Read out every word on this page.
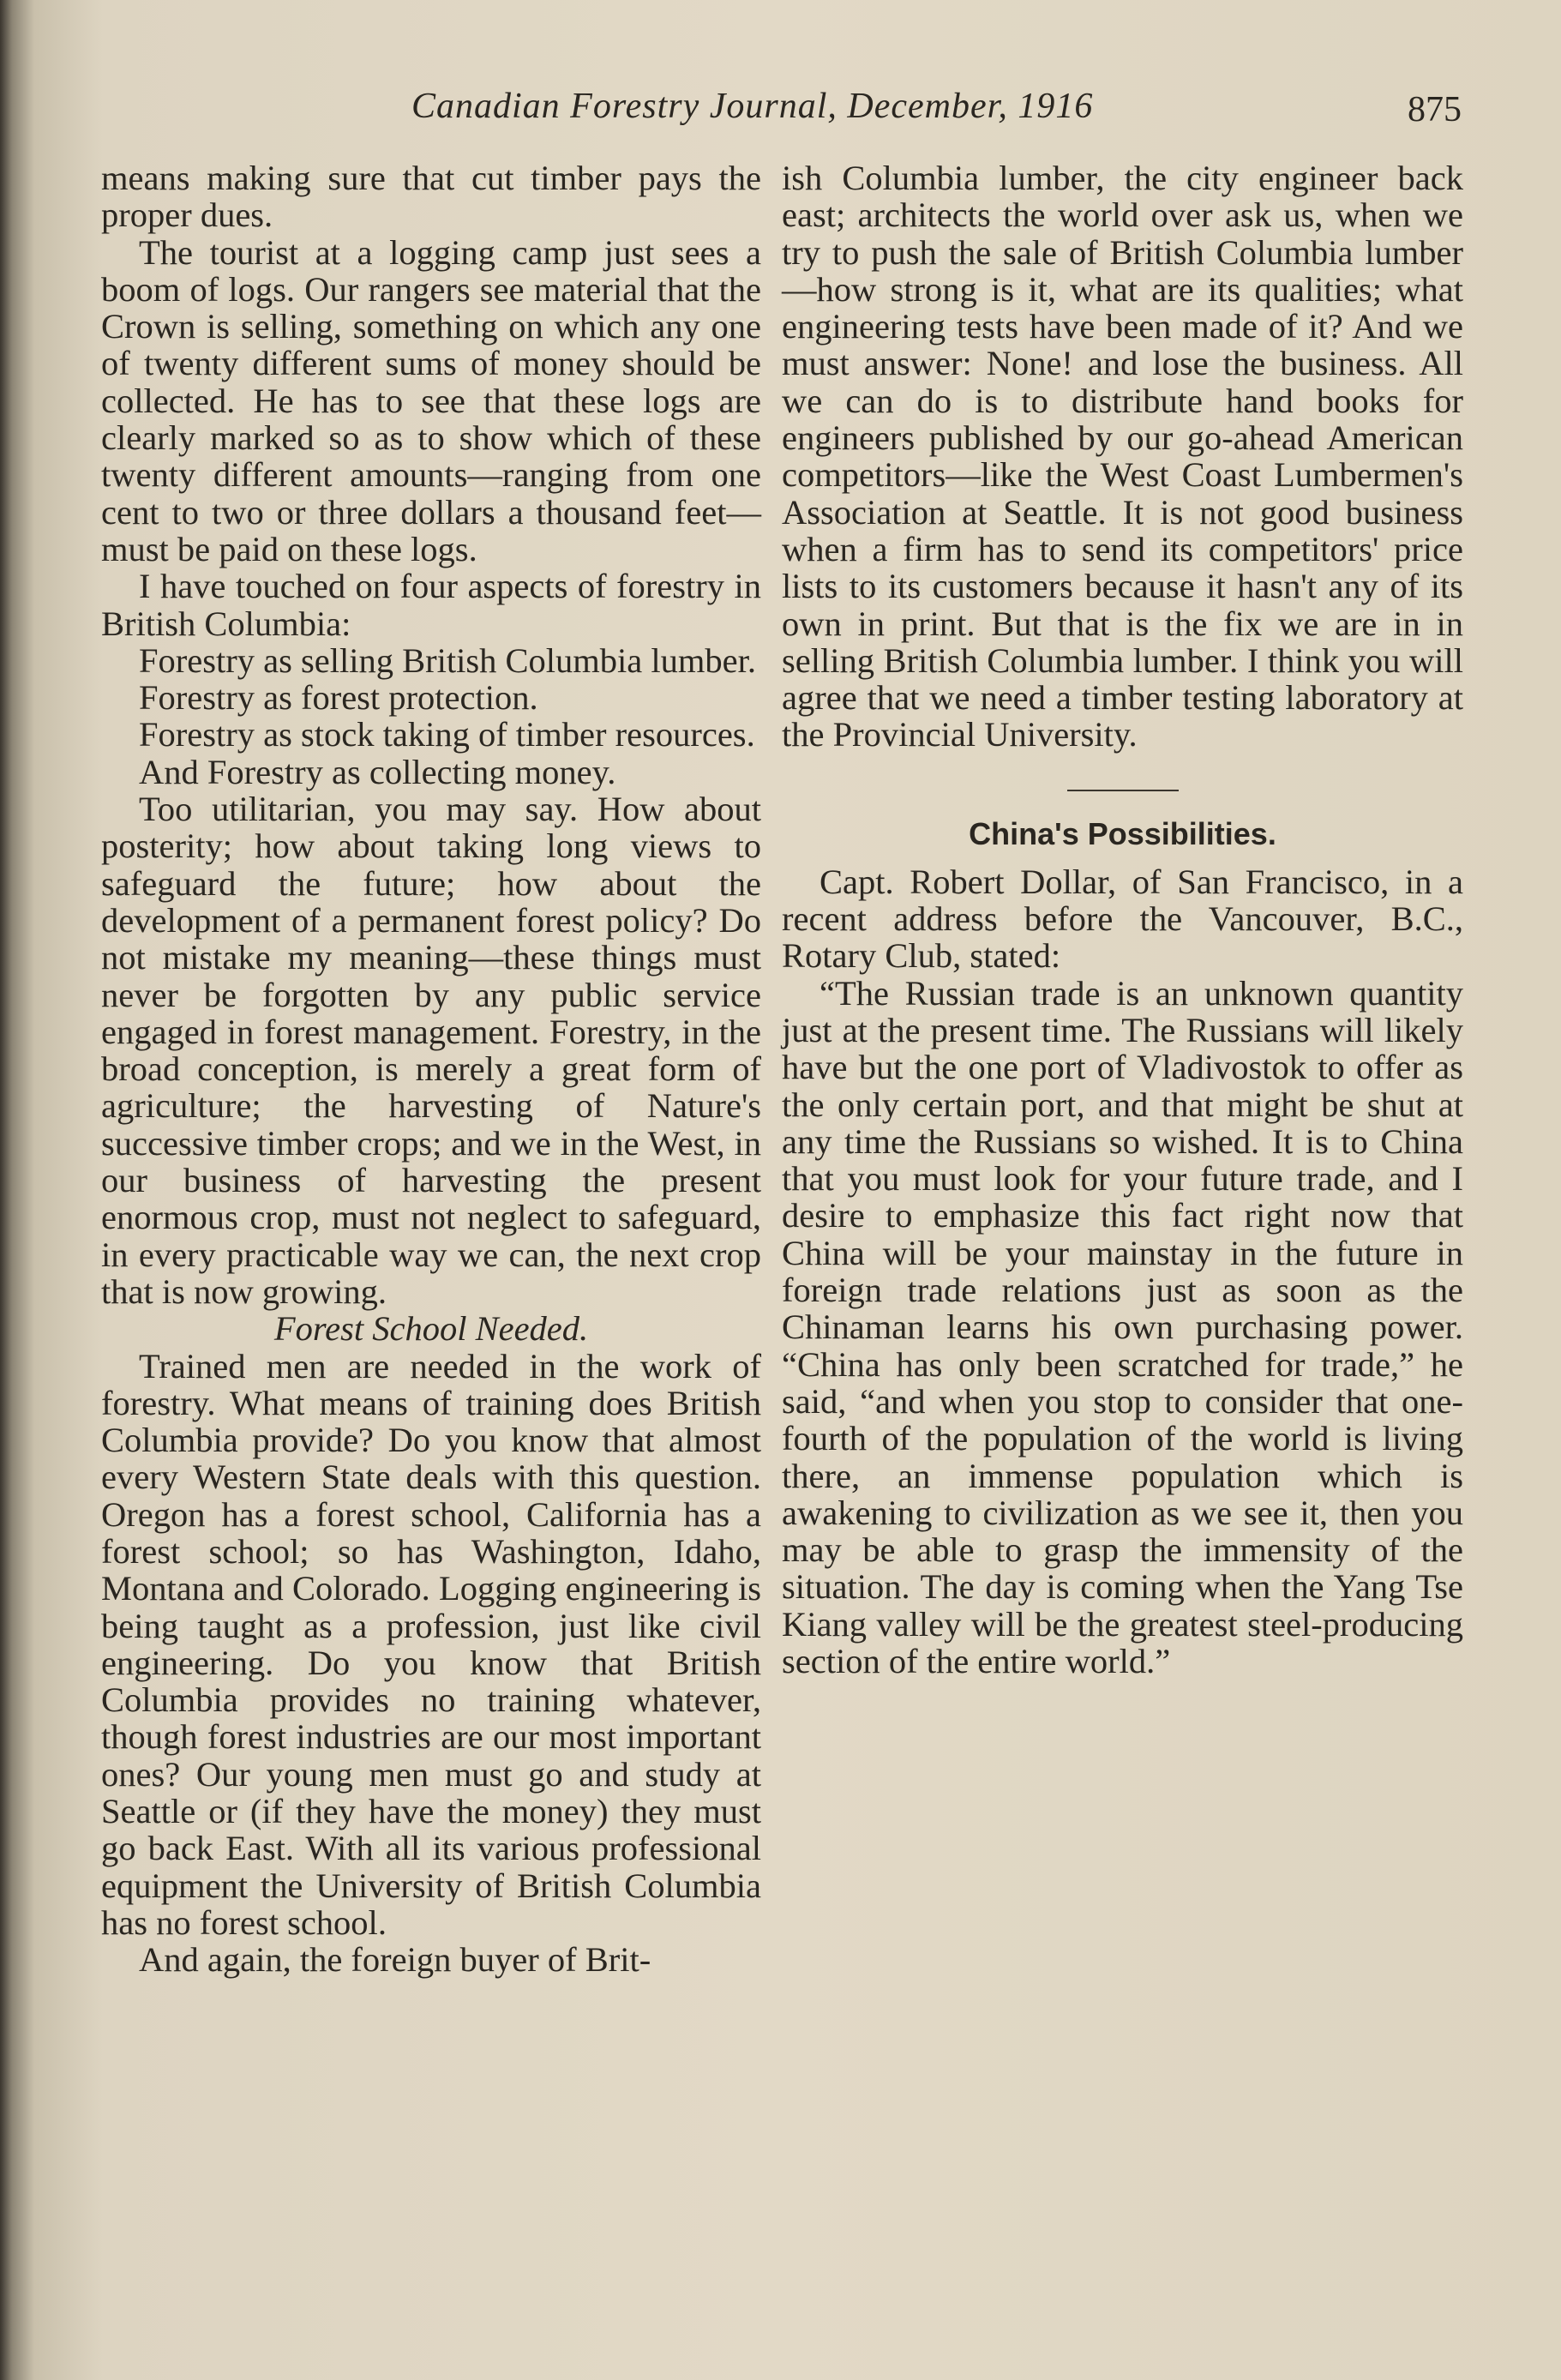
Canadian Forestry Journal, December, 1916	875

means making sure that cut timber pays the proper dues.

The tourist at a logging camp just sees a boom of logs. Our rangers see material that the Crown is selling, something on which any one of twenty different sums of money should be collected. He has to see that these logs are clearly marked so as to show which of these twenty different amounts—ranging from one cent to two or three dollars a thousand feet—must be paid on these logs.

I have touched on four aspects of forestry in British Columbia:

Forestry as selling British Columbia lumber.

Forestry as forest protection.

Forestry as stock taking of timber resources.

And Forestry as collecting money.

Too utilitarian, you may say. How about posterity; how about taking long views to safeguard the future; how about the development of a permanent forest policy? Do not mistake my meaning—these things must never be forgotten by any public service engaged in forest management. Forestry, in the broad conception, is merely a great form of agriculture; the harvesting of Nature's successive timber crops; and we in the West, in our business of harvesting the present enormous crop, must not neglect to safeguard, in every practicable way we can, the next crop that is now growing.

Forest School Needed.

Trained men are needed in the work of forestry. What means of training does British Columbia provide? Do you know that almost every Western State deals with this question. Oregon has a forest school, California has a forest school; so has Washington, Idaho, Montana and Colorado. Logging engineering is being taught as a profession, just like civil engineering. Do you know that British Columbia provides no training whatever, though forest industries are our most important ones? Our young men must go and study at Seattle or (if they have the money) they must go back East. With all its various professional equipment the University of British Columbia has no forest school.

And again, the foreign buyer of Brit-

ish Columbia lumber, the city engineer back east; architects the world over ask us, when we try to push the sale of British Columbia lumber—how strong is it, what are its qualities; what engineering tests have been made of it? And we must answer: None! and lose the business. All we can do is to distribute hand books for engineers published by our go-ahead American competitors—like the West Coast Lumbermen's Association at Seattle. It is not good business when a firm has to send its competitors' price lists to its customers because it hasn't any of its own in print. But that is the fix we are in in selling British Columbia lumber. I think you will agree that we need a timber testing laboratory at the Provincial University.

China's Possibilities.

Capt. Robert Dollar, of San Francisco, in a recent address before the Vancouver, B.C., Rotary Club, stated:

“The Russian trade is an unknown quantity just at the present time. The Russians will likely have but the one port of Vladivostok to offer as the only certain port, and that might be shut at any time the Russians so wished. It is to China that you must look for your future trade, and I desire to emphasize this fact right now that China will be your mainstay in the future in foreign trade relations just as soon as the Chinaman learns his own purchasing power. “China has only been scratched for trade,” he said, “and when you stop to consider that one-fourth of the population of the world is living there, an immense population which is awakening to civilization as we see it, then you may be able to grasp the immensity of the situation. The day is coming when the Yang Tse Kiang valley will be the greatest steel-producing section of the entire world.”
